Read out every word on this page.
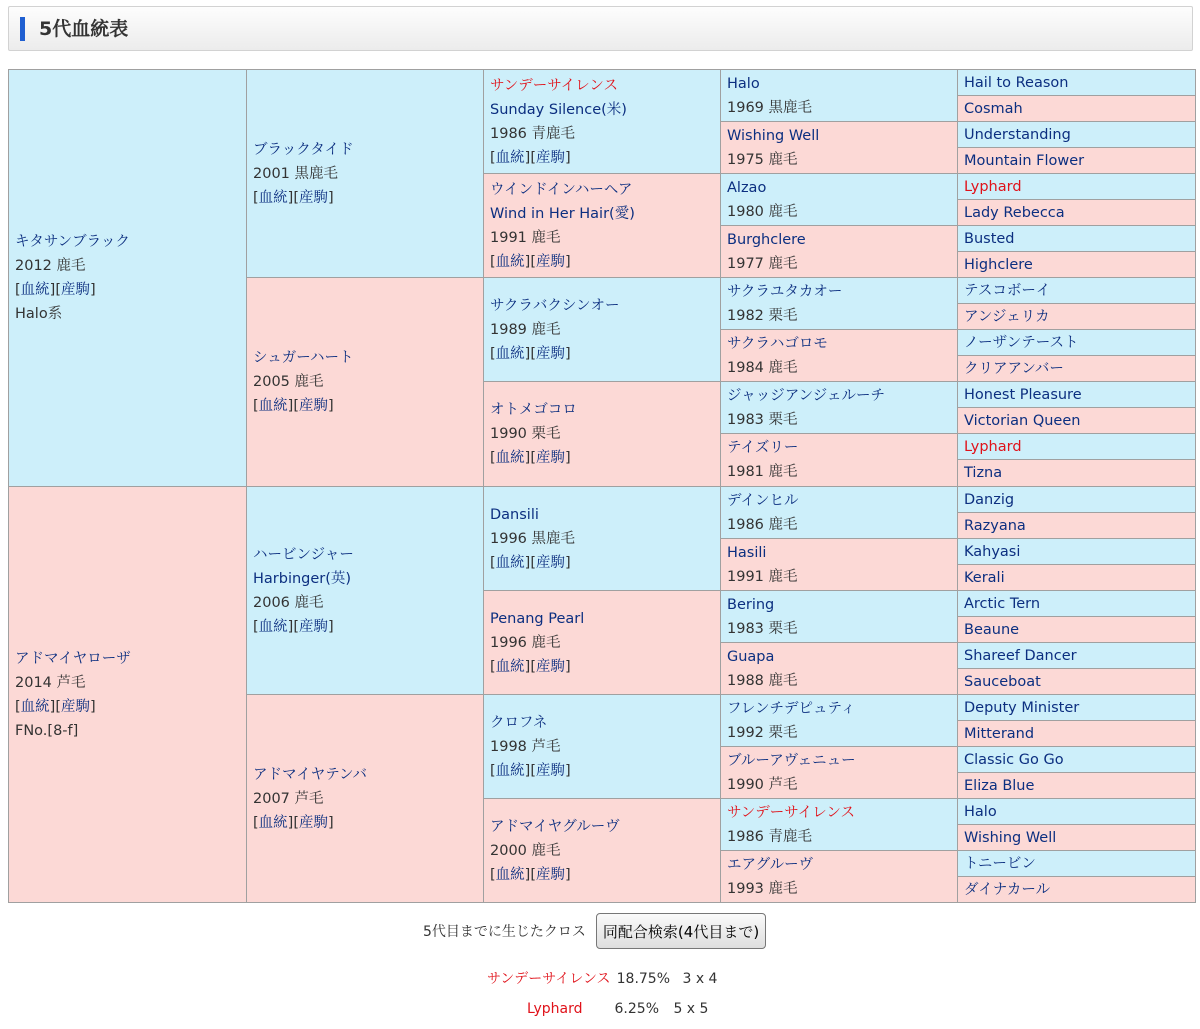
5代血統表
キタサンブラック
2012 鹿毛
[血統][産駒]
Halo系
アドマイヤローザ
2014 芦毛
[血統][産駒]
FNo.[8-f]
ブラックタイド
2001 黒鹿毛
[血統][産駒]
シュガーハート
2005 鹿毛
[血統][産駒]
ハービンジャー
Harbinger(英)
2006 鹿毛
[血統][産駒]
アドマイヤテンバ
2007 芦毛
[血統][産駒]
サンデーサイレンス
Sunday Silence(米)
1986 青鹿毛
[血統][産駒]
ウインドインハーヘア
Wind in Her Hair(愛)
1991 鹿毛
[血統][産駒]
サクラバクシンオー
1989 鹿毛
[血統][産駒]
オトメゴコロ
1990 栗毛
[血統][産駒]
Dansili
1996 黒鹿毛
[血統][産駒]
Penang Pearl
1996 鹿毛
[血統][産駒]
クロフネ
1998 芦毛
[血統][産駒]
アドマイヤグルーヴ
2000 鹿毛
[血統][産駒]
Halo
1969 黒鹿毛
Wishing Well
1975 鹿毛
Alzao
1980 鹿毛
Burghclere
1977 鹿毛
サクラユタカオー
1982 栗毛
サクラハゴロモ
1984 鹿毛
ジャッジアンジェルーチ
1983 栗毛
テイズリー
1981 鹿毛
デインヒル
1986 鹿毛
Hasili
1991 鹿毛
Bering
1983 栗毛
Guapa
1988 鹿毛
フレンチデピュティ
1992 栗毛
ブルーアヴェニュー
1990 芦毛
サンデーサイレンス
1986 青鹿毛
エアグルーヴ
1993 鹿毛
Hail to Reason
Cosmah
Understanding
Mountain Flower
Lyphard
Lady Rebecca
Busted
Highclere
テスコボーイ
アンジェリカ
ノーザンテースト
クリアアンバー
Honest Pleasure
Victorian Queen
Lyphard
Tizna
Danzig
Razyana
Kahyasi
Kerali
Arctic Tern
Beaune
Shareef Dancer
Sauceboat
Deputy Minister
Mitterand
Classic Go Go
Eliza Blue
Halo
Wishing Well
トニービン
ダイナカール
5代目までに生じたクロス	同配合検索(4代目まで)
サンデーサイレンス 18.75% 3 x 4
Lyphard 6.25% 5 x 5
